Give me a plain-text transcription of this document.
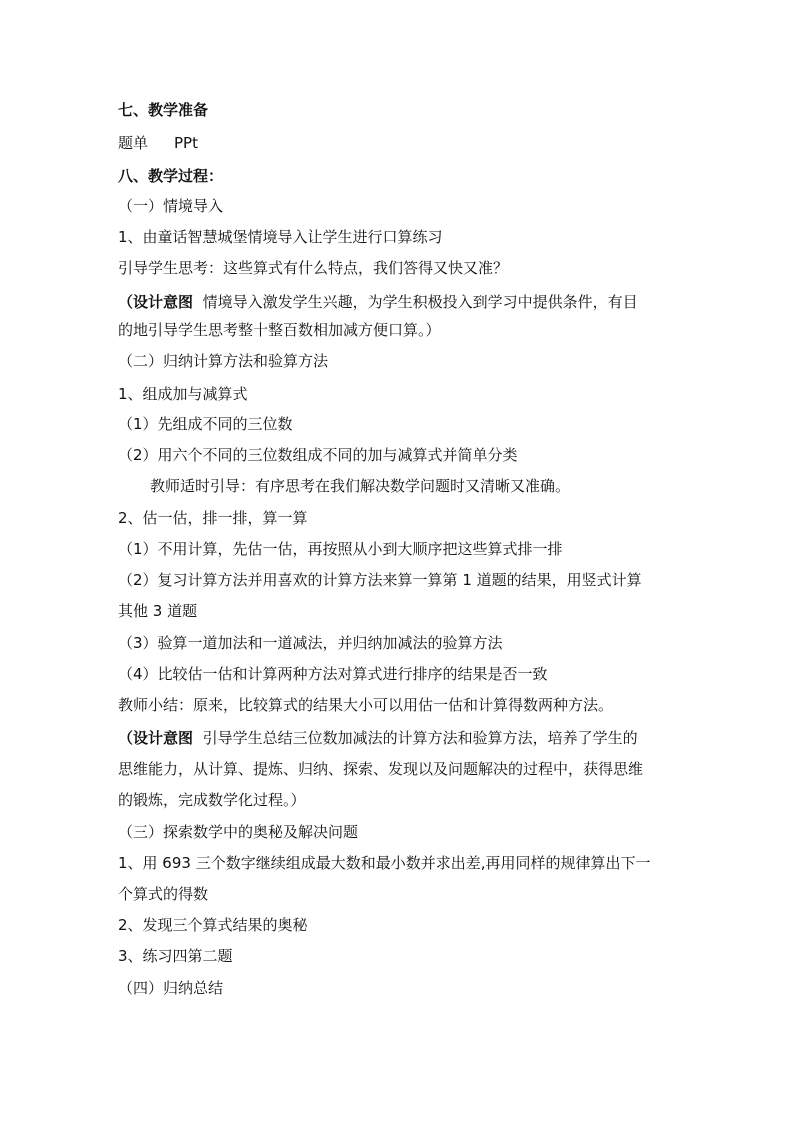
七、教学准备
题单 PPt
八、教学过程：
（一）情境导入
1、由童话智慧城堡情境导入让学生进行口算练习
引导学生思考：这些算式有什么特点，我们答得又快又准？
（设计意图 情境导入激发学生兴趣，为学生积极投入到学习中提供条件，有目
的地引导学生思考整十整百数相加减方便口算。）
（二）归纳计算方法和验算方法
1、组成加与减算式
（1）先组成不同的三位数
（2）用六个不同的三位数组成不同的加与减算式并简单分类
教师适时引导：有序思考在我们解决数学问题时又清晰又准确。
2、估一估，排一排，算一算
（1）不用计算，先估一估，再按照从小到大顺序把这些算式排一排
（2）复习计算方法并用喜欢的计算方法来算一算第 1 道题的结果，用竖式计算
其他 3 道题
（3）验算一道加法和一道减法，并归纳加减法的验算方法
（4）比较估一估和计算两种方法对算式进行排序的结果是否一致
教师小结：原来，比较算式的结果大小可以用估一估和计算得数两种方法。
（设计意图 引导学生总结三位数加减法的计算方法和验算方法，培养了学生的
思维能力，从计算、提炼、归纳、探索、发现以及问题解决的过程中，获得思维
的锻炼，完成数学化过程。）
（三）探索数学中的奥秘及解决问题
1、用 693 三个数字继续组成最大数和最小数并求出差,再用同样的规律算出下一
个算式的得数
2、发现三个算式结果的奥秘
3、练习四第二题
（四）归纳总结
